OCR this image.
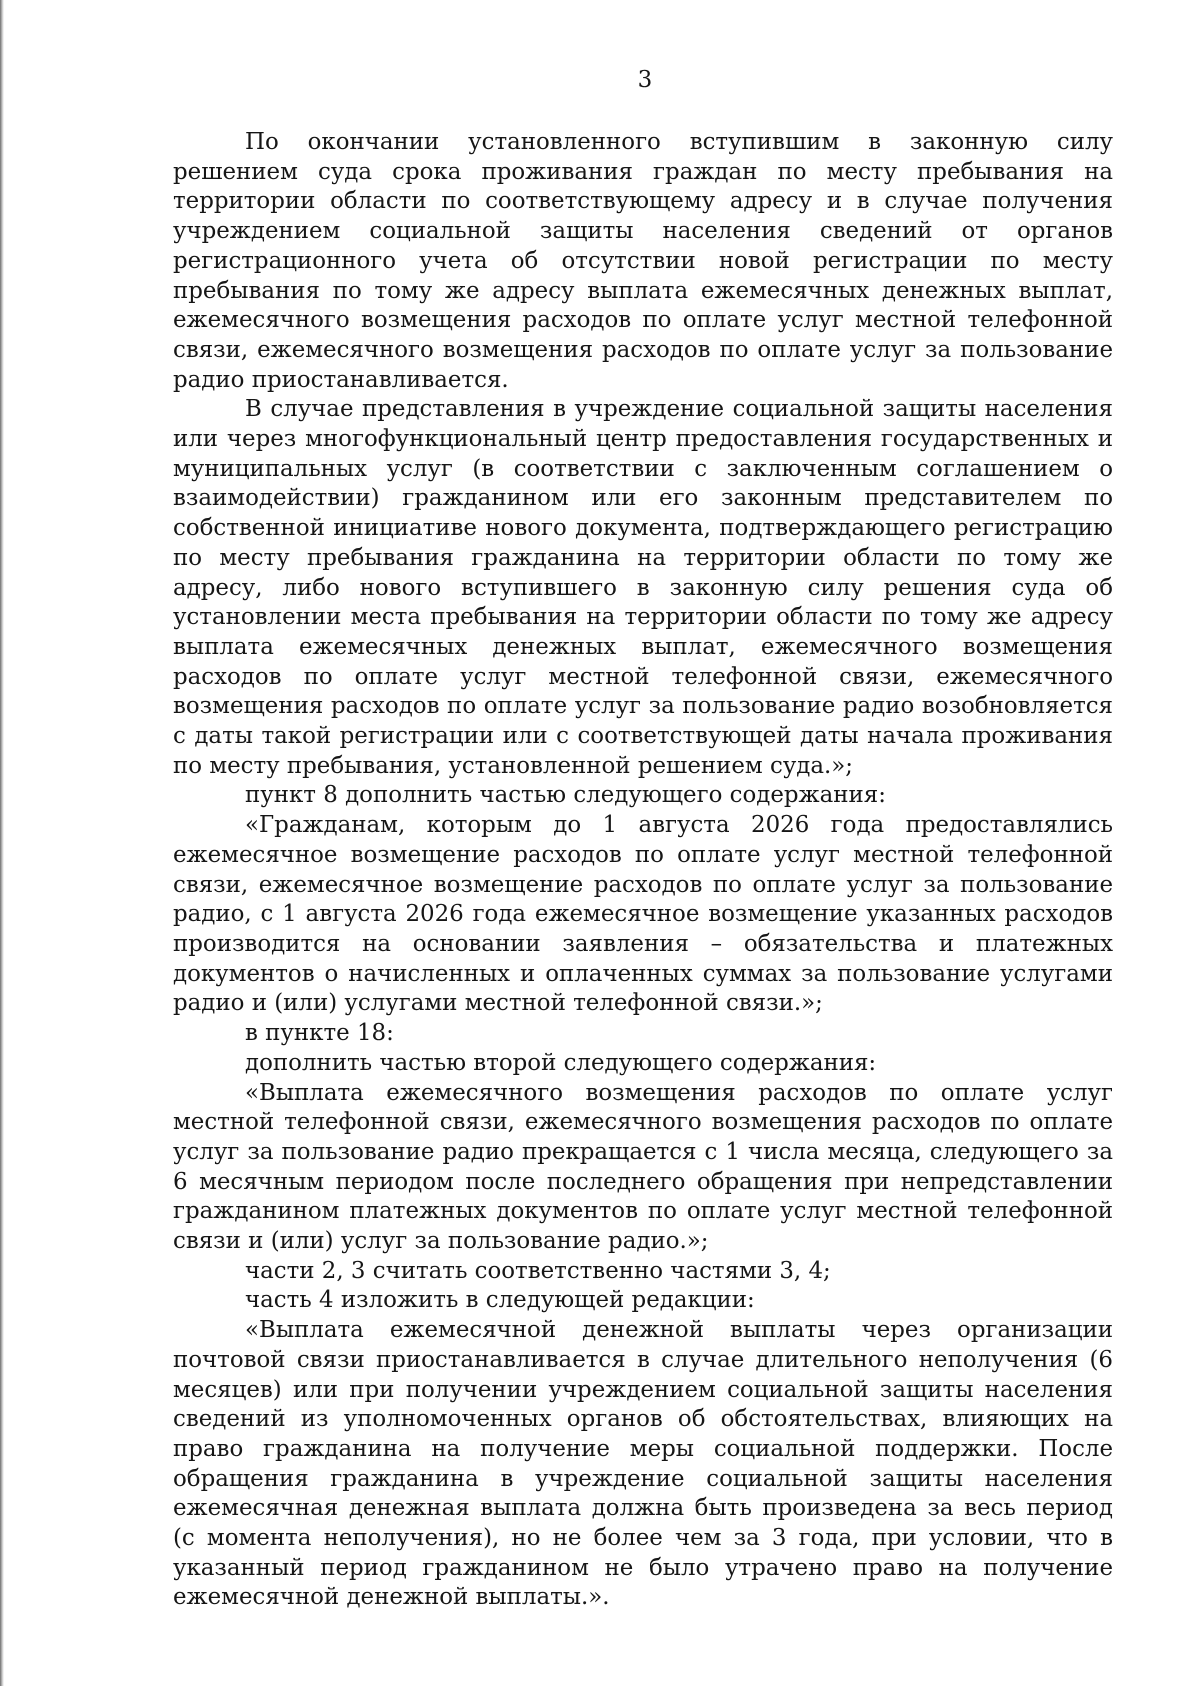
3

По окончании установленного вступившим в законную силу решением суда срока проживания граждан по месту пребывания на территории области по соответствующему адресу и в случае получения учреждением социальной защиты населения сведений от органов регистрационного учета об отсутствии новой регистрации по месту пребывания по тому же адресу выплата ежемесячных денежных выплат, ежемесячного возмещения расходов по оплате услуг местной телефонной связи, ежемесячного возмещения расходов по оплате услуг за пользование радио приостанавливается.

В случае представления в учреждение социальной защиты населения или через многофункциональный центр предоставления государственных и муниципальных услуг (в соответствии с заключенным соглашением о взаимодействии) гражданином или его законным представителем по собственной инициативе нового документа, подтверждающего регистрацию по месту пребывания гражданина на территории области по тому же адресу, либо нового вступившего в законную силу решения суда об установлении места пребывания на территории области по тому же адресу выплата ежемесячных денежных выплат, ежемесячного возмещения расходов по оплате услуг местной телефонной связи, ежемесячного возмещения расходов по оплате услуг за пользование радио возобновляется с даты такой регистрации или с соответствующей даты начала проживания по месту пребывания, установленной решением суда.»;

пункт 8 дополнить частью следующего содержания:

«Гражданам, которым до 1 августа 2026 года предоставлялись ежемесячное возмещение расходов по оплате услуг местной телефонной связи, ежемесячное возмещение расходов по оплате услуг за пользование радио, с 1 августа 2026 года ежемесячное возмещение указанных расходов производится на основании заявления – обязательства и платежных документов о начисленных и оплаченных суммах за пользование услугами радио и (или) услугами местной телефонной связи.»;

в пункте 18:

дополнить частью второй следующего содержания:

«Выплата ежемесячного возмещения расходов по оплате услуг местной телефонной связи, ежемесячного возмещения расходов по оплате услуг за пользование радио прекращается с 1 числа месяца, следующего за 6 месячным периодом после последнего обращения при непредставлении гражданином платежных документов по оплате услуг местной телефонной связи и (или) услуг за пользование радио.»;

части 2, 3 считать соответственно частями 3, 4;

часть 4 изложить в следующей редакции:

«Выплата ежемесячной денежной выплаты через организации почтовой связи приостанавливается в случае длительного неполучения (6 месяцев) или при получении учреждением социальной защиты населения сведений из уполномоченных органов об обстоятельствах, влияющих на право гражданина на получение меры социальной поддержки. После обращения гражданина в учреждение социальной защиты населения ежемесячная денежная выплата должна быть произведена за весь период (с момента неполучения), но не более чем за 3 года, при условии, что в указанный период гражданином не было утрачено право на получение ежемесячной денежной выплаты.».
